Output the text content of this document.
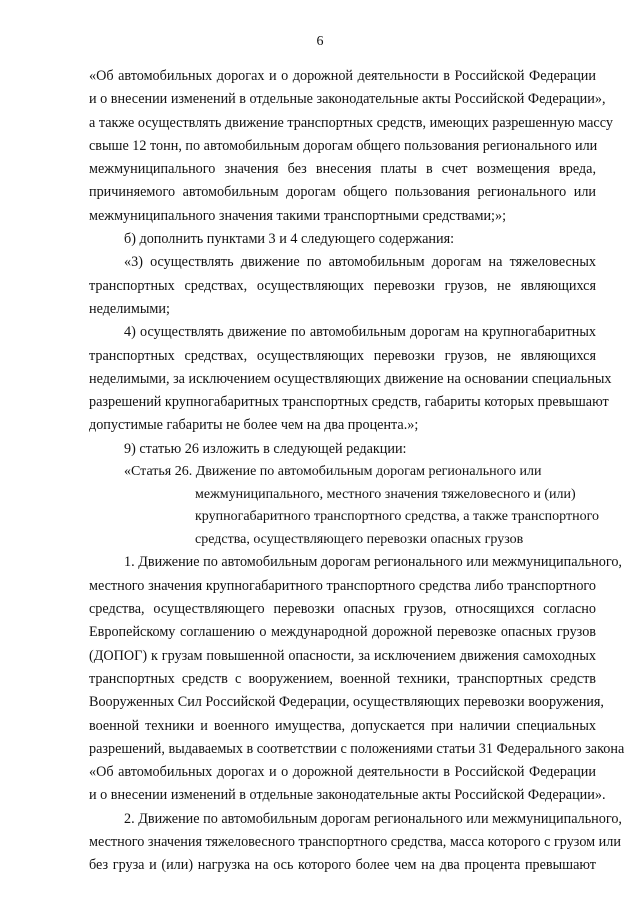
6
«Об автомобильных дорогах и о дорожной деятельности в Российской Федерации
и о внесении изменений в отдельные законодательные акты Российской Федерации»,
а также осуществлять движение транспортных средств, имеющих разрешенную массу
свыше 12 тонн, по автомобильным дорогам общего пользования регионального или
межмуниципального значения без внесения платы в счет возмещения вреда,
причиняемого автомобильным дорогам общего пользования регионального или
межмуниципального значения такими транспортными средствами;»;
б) дополнить пунктами 3 и 4 следующего содержания:
«3) осуществлять движение по автомобильным дорогам на тяжеловесных
транспортных средствах, осуществляющих перевозки грузов, не являющихся
неделимыми;
4) осуществлять движение по автомобильным дорогам на крупногабаритных
транспортных средствах, осуществляющих перевозки грузов, не являющихся
неделимыми, за исключением осуществляющих движение на основании специальных
разрешений крупногабаритных транспортных средств, габариты которых превышают
допустимые габариты не более чем на два процента.»;
9) статью 26 изложить в следующей редакции:
«Статья 26. Движение по автомобильным дорогам регионального или
межмуниципального, местного значения тяжеловесного и (или)
крупногабаритного транспортного средства, а также транспортного
средства, осуществляющего перевозки опасных грузов
1. Движение по автомобильным дорогам регионального или межмуниципального,
местного значения крупногабаритного транспортного средства либо транспортного
средства, осуществляющего перевозки опасных грузов, относящихся согласно
Европейскому соглашению о международной дорожной перевозке опасных грузов
(ДОПОГ) к грузам повышенной опасности, за исключением движения самоходных
транспортных средств с вооружением, военной техники, транспортных средств
Вооруженных Сил Российской Федерации, осуществляющих перевозки вооружения,
военной техники и военного имущества, допускается при наличии специальных
разрешений, выдаваемых в соответствии с положениями статьи 31 Федерального закона
«Об автомобильных дорогах и о дорожной деятельности в Российской Федерации
и о внесении изменений в отдельные законодательные акты Российской Федерации».
2. Движение по автомобильным дорогам регионального или межмуниципального,
местного значения тяжеловесного транспортного средства, масса которого с грузом или
без груза и (или) нагрузка на ось которого более чем на два процента превышают
